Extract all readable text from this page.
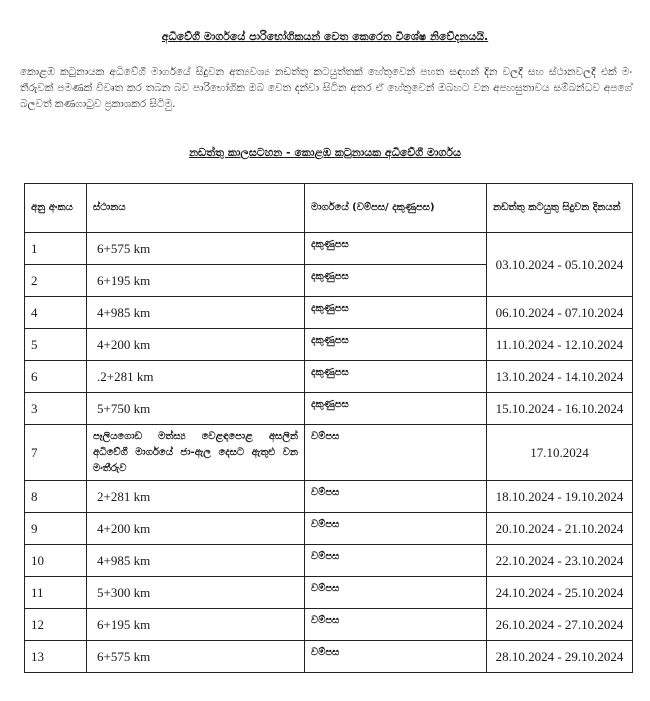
අධිවේගී මාර්ගයේ පාරිභෝගිකයන් වෙත කෙරෙන විශේෂ නිවේදනයයි.
කොළඹ කටුනායක අධිවේගී මාර්ගයේ සිදුවන අත්‍යවශ්‍ය නඩත්තු කටයුත්තක් හේතුවෙන් පහත සඳහන් දින වලදී සහ ස්ථානවලදී එක් මං තීරුවක් පමණක් විවෘත කර තබන බව පාරිභෝගික ඔබ වෙත දන්වා සිටින අතර ඒ හේතුවෙන් ඔබහට වන අපහසුතාවය සම්බන්ධව අපගේ බලවත් කණගාටුව ප්‍රකාශකර සිටිමු.
නඩත්තු කාලසටහන - කොළඹ කටුනායක අධිවේගී මාර්ගය
අනු අංකය	ස්ථානය	මාර්ගයේ (වම්පස/ දකුණුපස)	නඩත්තු කටයුතු සිදුවන දිනයන්
1	6+575 km	දකුණුපස	03.10.2024 - 05.10.2024
2	6+195 km	දකුණුපස	
4	4+985 km	දකුණුපස	06.10.2024 - 07.10.2024
5	4+200 km	දකුණුපස	11.10.2024 - 12.10.2024
6	.2+281 km	දකුණුපස	13.10.2024 - 14.10.2024
3	5+750 km	දකුණුපස	15.10.2024 - 16.10.2024
7	පෑලියගොඩ මත්ස්‍ය වෙළඳපොළ අසලින් අධිවේගී මාර්ගයේ ජා-ඇල දෙසට ඇතුළු වන මංතීරුව	වම්පස	17.10.2024
8	2+281 km	වම්පස	18.10.2024 - 19.10.2024
9	4+200 km	වම්පස	20.10.2024 - 21.10.2024
10	4+985 km	වම්පස	22.10.2024 - 23.10.2024
11	5+300 km	වම්පස	24.10.2024 - 25.10.2024
12	6+195 km	වම්පස	26.10.2024 - 27.10.2024
13	6+575 km	වම්පස	28.10.2024 - 29.10.2024
